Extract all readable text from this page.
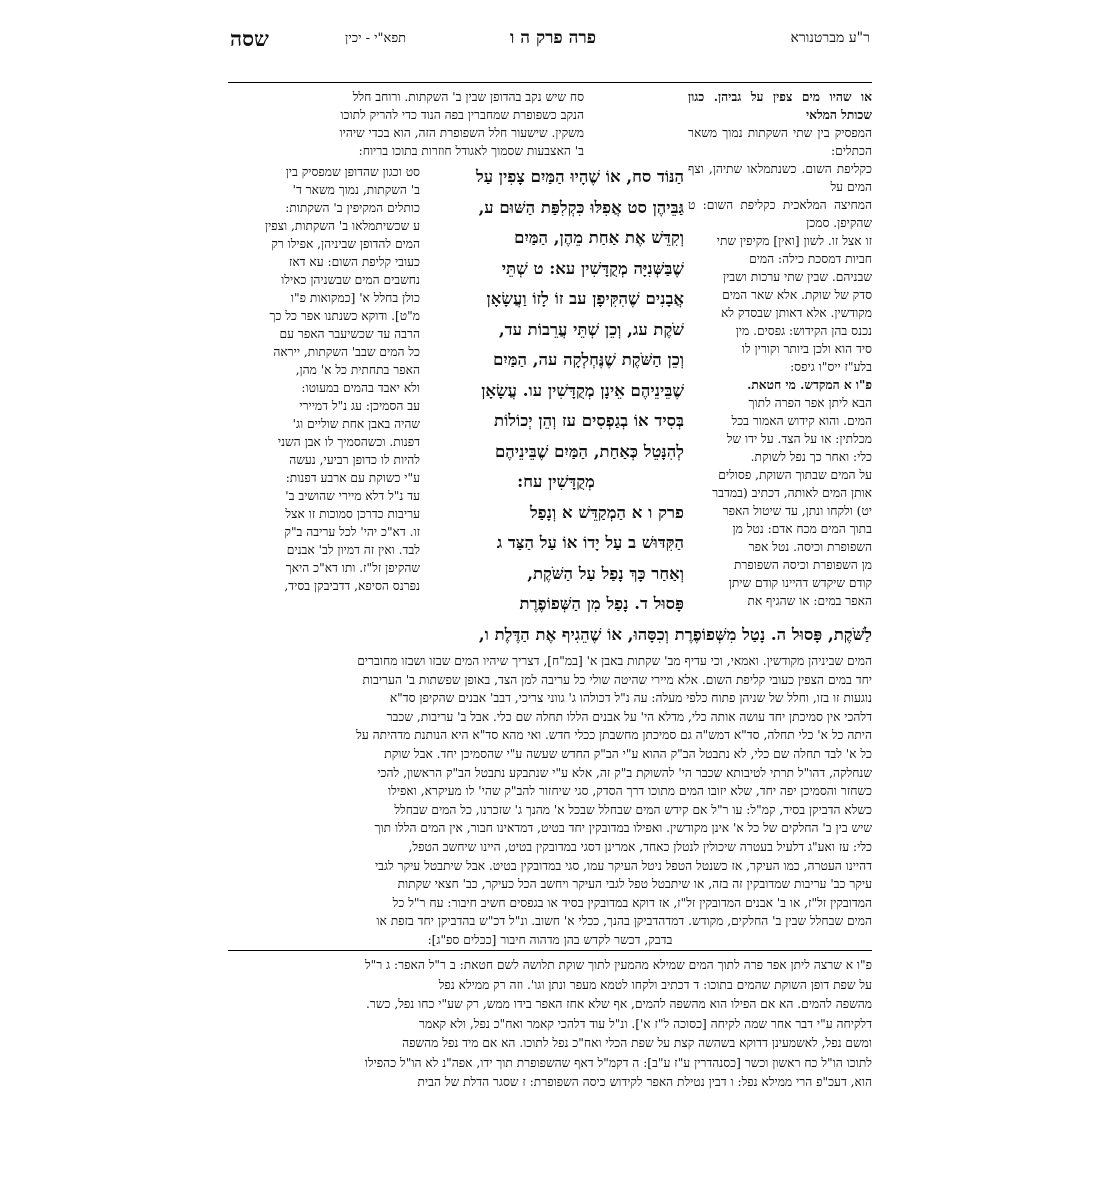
שסה	תפא"י - יכין	פרה פרק ה ו	ר"ע מברטנורא
או שהיו מים צפין על גביהן. כגון שכותל המלאי
המפסיק בין שתי השקתות נמוך משאר הכתלים:
כקליפת השום. כשנתמלאו שתיהן, וצף המים על
המחיצה המלאכית כקליפת השום: ט שהקיפן. סמכן
זו אצל זו. לשון [ואין] מקיפין שתי
חביות דמסכת כילה: המים
שבניהם. שבין שתי ערכות ושבין
סדק של שוקת. אלא שאר המים
מקודשין. אלא דאותן שבסדק לא
נכנס בהן הקידוש: גפסים. מין
סיד הוא ולכן ביותר וקורין לו
בלע"ז ייס"ו גיפס:
פ"ו א המקדש. מי חטאת.
הבא ליתן אפר הפרה לתוך
המים. והוא קידוש האמור בכל
מכלתין: או על הצד. על ידו של
כלי: ואחר כך נפל לשוקת.
על המים שבתוך השוקת, פסולים
אותן המים לאותה, דכתיב (במדבר
יט) ולקחו ונתן, עד שיטול האפר
בתוך המים מכח אדם: נטל מן
השפופרת וכיסה. נטל אפר
מן השפופרת וכיסה השפופרת
קודם שיקדש דהיינו קודם שיתן
האפר במים: או שהגיף את
סח שיש נקב בהדופן שבין ב' השקתות. ורוחב חלל
הנקב כשפופרת שמחברין בפה הנוד כדי להריק לתוכו
משקין. שישעור חלל השפופרת הזה, הוא בכדי שיהיו
ב' האצבעות שסמוך לאגודל חוזרות בתוכו בריוח:
סט וכגון שהדופן שמפסיק בין
ב' השקתות, נמוך משאר ד'
כותלים המקיפין ב' השקתות:
ע שכשיתמלאו ב' השקתות, וצפין
המים להדופן שביניהן, אפילו רק
כעובי קליפת השום: עא דאז
נחשבים המים שבשניהן כאילו
כולן בחלל א' [כמקואות פ"ו
מ"ט]. ודוקא כשנתנו אפר כל כך
הרבה עד שכשיעבר האפר עם
כל המים שבב' השקתות, ייראה
האפר בתחתית כל א' מהן,
ולא יאבד בהמים במעוטו:
עב הסמיכן: עג נ"ל דמיירי
שהיה באבן אחת שוליים וג'
דפנות. וכשהסמיך לו אבן השני
להיות לו כדופן רביעי, נעשה
ע"י כשוקת עם ארבע דפנות:
עד נ"ל דלא מיירי שהושיב ב'
עריבות כדרכן סמוכות זו אצל
זו. דא"כ יהי' לכל עריבה ב"ק
לבד. ואין זה דמיון לב' אבנים
שהקיפן זל"ז. ותו דא"כ היאך
נפרנס הסיפא, דדביבקן בסיד,
הַנּוֹד סח, אוֹ שֶׁהָיוּ הַמַּיִם צָפִין עַל
גַּבֵּיהֶן סט אֲפִלּוּ כִּקְלִפַּת הַשּׁוּם ע,
וְקִדֵּשׁ אֶת אַחַת מֵהֶן, הַמַּיִם
שֶׁבַּשְּׁנִיָּה מְקֻדָּשִׁין עא: ט שְׁתֵּי
אֲבָנִים שֶׁהִקִּיפָן עב זוֹ לָזוֹ וַעֲשָׂאָן
שֹׁקֶת עג, וְכֵן שְׁתֵּי עֲרֵבוֹת עד,
וְכֵן הַשֹּׁקֶת שֶׁנֶּחְלְקָה עה, הַמַּיִם
שֶׁבֵּינֵיהֶם אֵינָן מְקֻדָּשִׁין עו. עֲשָׂאָן
בְּסִיד אוֹ בְגַפְסִים עז וְהֵן יְכוֹלוֹת
לְהִנָּטֵל כְּאַחַת, הַמַּיִם שֶׁבֵּינֵיהֶם
מְקֻדָּשִׁין עח:
פרק ו א הַמְקַדֵּשׁ א וְנָפַל
הַקִּדּוּשׁ ב עַל יָדוֹ אוֹ עַל הַצַּד ג
וְאַחַר כָּךְ נָפַל עַל הַשֹּׁקֶת,
פָּסוּל ד. נָפַל מִן הַשְּׁפוֹפֶרֶת
לַשֹּׁקֶת, פָּסוּל ה. נָטַל מִשְּׁפוֹפֶרֶת וְכִסָּהוּ, אוֹ שֶׁהֵגִיף אֶת הַדֶּלֶת ו,
המים שביניהן מקודשין. ואמאי, וכי עדיף מב' שקתות באבן א' [במ"ח], דצריך שיהיו המים שבזו ושבזו מחוברים
יחד במים הצפין כעובי קליפת השום. אלא מיירי שהיטה שולי כל עריבה למן הצד, באופן שפשתות ב' העריבות
נוגעות זו בזו, וחלל של שניהן פתוח כלפי מעלה: עה נ"ל דכולהו ג' גווני צריכי, דבב' אבנים שהקיפן סד"א
דלהכי אין סמיכתן יחד עושה אותה כלי, מדלא הי' על אבנים הללו תחלה שם כלי. אבל ב' עריבות, שכבר
היתה כל א' כלי תחלה, סד"א דמש"ה גם סמיכתן מחשבתן ככלי חדש. ואי מהא סד"א היא הנותנת מדהיתה על
כל א' לבד תחלה שם כלי, לא נתבטל הב"ק ההוא ע"י הב"ק החדש שעשה ע"י שהסמיכן יחד. אבל שוקת
שנחלקה, דהו"ל תרתי לטיבותא שכבר הי' להשוקת ב"ק זה, אלא ע"י שנתבקע נתבטל הב"ק הראשון, להכי
כשחזר והסמיכן יפה יחד, שלא יזובו המים מתוכו דרך הסדק, סגי שיחזור להב"ק שהי' לו מעיקרא, ואפילו
כשלא הדביקן בסיד, קמ"ל: עו ר"ל אם קידש המים שבחלל שבכל א' מהנך ג' שזכרנו, כל המים שבחלל
שיש בין ב' החלקים של כל א' אינן מקודשין. ואפילו במדובקין יחד בטיט, דמדאינו חבור, אין המים הללו תוך
כלי: עז ואע"ג דלעיל בעטרה שיכולין לנטלן כאחד, אמרינן דסגי במדובקין בטיט, היינו שיחשב הטפל,
דהיינו העטרה, כמו העיקר, אז כשנטל הטפל ניטל העיקר עמו, סגי במדובקין בטיט. אבל שיתבטל עיקר לגבי
עיקר כב' עריבות שמדובקין זה בזה, או שיתבטל טפל לגבי העיקר ויחשב הכל כעיקר, כב' חצאי שקתות
המדובקין זל"ז, או ב' אבנים המדובקין זל"ז, אז דוקא במדובקין בסיד או בגפסים חשיב חיבור: עח ר"ל כל
המים שבחלל שבין ב' החלקים, מקודש. דמדהדביקן בהנך, ככלי א' חשוב. ונ"ל דכ"ש בהדביקן יחד בזפת או
בדבק, דכשר לקדש בהן מדהוה חיבור [ככלים ספ"ג]:
פ"ו א שרצה ליתן אפר פרה לתוך המים שמילא מהמעין לתוך שוקת תלושה לשם חטאת: ב ר"ל האפר: ג ר"ל
על שפת דופן השוקת שהמים בתוכו: ד דכתיב ולקחו לטמא מעפר ונתן וגו'. וזה רק ממילא נפל
מהשפה להמים. הא אם הפילו הוא מהשפה להמים, אף שלא אחז האפר בידו ממש, רק שע"י כחו נפל, כשר.
דלקיחה ע"י דבר אחר שמה לקיחה [כסוכה ל"ז א']. ונ"ל עוד דלהכי קאמר ואח"כ נפל, ולא קאמר
ומשם נפל, לאשמעינן דדוקא בשהשה קצת על שפת הכלי ואח"כ נפל לתוכו. הא אם מיד נפל מהשפה
לתוכו הו"ל כח ראשון וכשר [כסנהדרין ע"ז ע"ב]: ה דקמ"ל דאף שהשפופרת תוך ידו, אפה"נ לא הו"ל כהפילו
הוא, דעכ"פ הרי ממילא נפל: ו דבין נטילת האפר לקידוש כיסה השפופרת: ז שסגר הדלת של הבית
